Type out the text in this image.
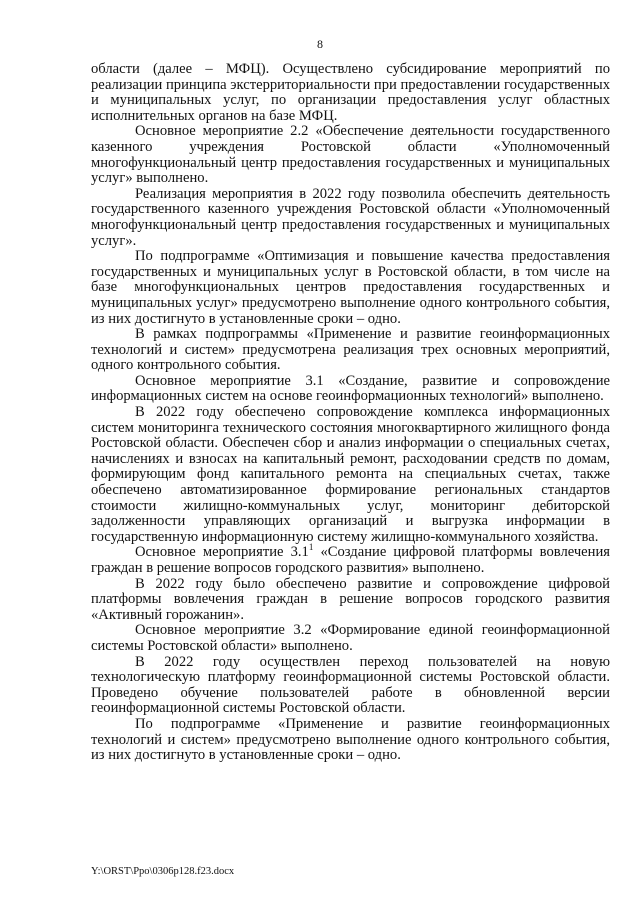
8

области (далее – МФЦ). Осуществлено субсидирование мероприятий по реализации принципа экстерриториальности при предоставлении государственных и муниципальных услуг, по организации предоставления услуг областных исполнительных органов на базе МФЦ.

Основное мероприятие 2.2 «Обеспечение деятельности государственного казенного учреждения Ростовской области «Уполномоченный многофункциональный центр предоставления государственных и муниципальных услуг» выполнено.

Реализация мероприятия в 2022 году позволила обеспечить деятельность государственного казенного учреждения Ростовской области «Уполномоченный многофункциональный центр предоставления государственных и муниципальных услуг».

По подпрограмме «Оптимизация и повышение качества предоставления государственных и муниципальных услуг в Ростовской области, в том числе на базе многофункциональных центров предоставления государственных и муниципальных услуг» предусмотрено выполнение одного контрольного события, из них достигнуто в установленные сроки – одно.

В рамках подпрограммы «Применение и развитие геоинформационных технологий и систем» предусмотрена реализация трех основных мероприятий, одного контрольного события.

Основное мероприятие 3.1 «Создание, развитие и сопровождение информационных систем на основе геоинформационных технологий» выполнено.

В 2022 году обеспечено сопровождение комплекса информационных систем мониторинга технического состояния многоквартирного жилищного фонда Ростовской области. Обеспечен сбор и анализ информации о специальных счетах, начислениях и взносах на капитальный ремонт, расходовании средств по домам, формирующим фонд капитального ремонта на специальных счетах, также обеспечено автоматизированное формирование региональных стандартов стоимости жилищно-коммунальных услуг, мониторинг дебиторской задолженности управляющих организаций и выгрузка информации в государственную информационную систему жилищно-коммунального хозяйства.

Основное мероприятие $3.1^1$ «Создание цифровой платформы вовлечения граждан в решение вопросов городского развития» выполнено.

В 2022 году было обеспечено развитие и сопровождение цифровой платформы вовлечения граждан в решение вопросов городского развития «Активный горожанин».

Основное мероприятие 3.2 «Формирование единой геоинформационной системы Ростовской области» выполнено.

В 2022 году осуществлен переход пользователей на новую технологическую платформу геоинформационной системы Ростовской области. Проведено обучение пользователей работе в обновленной версии геоинформационной системы Ростовской области.

По подпрограмме «Применение и развитие геоинформационных технологий и систем» предусмотрено выполнение одного контрольного события, из них достигнуто в установленные сроки – одно.

Y:\ORST\Ppo\0306p128.f23.docx
